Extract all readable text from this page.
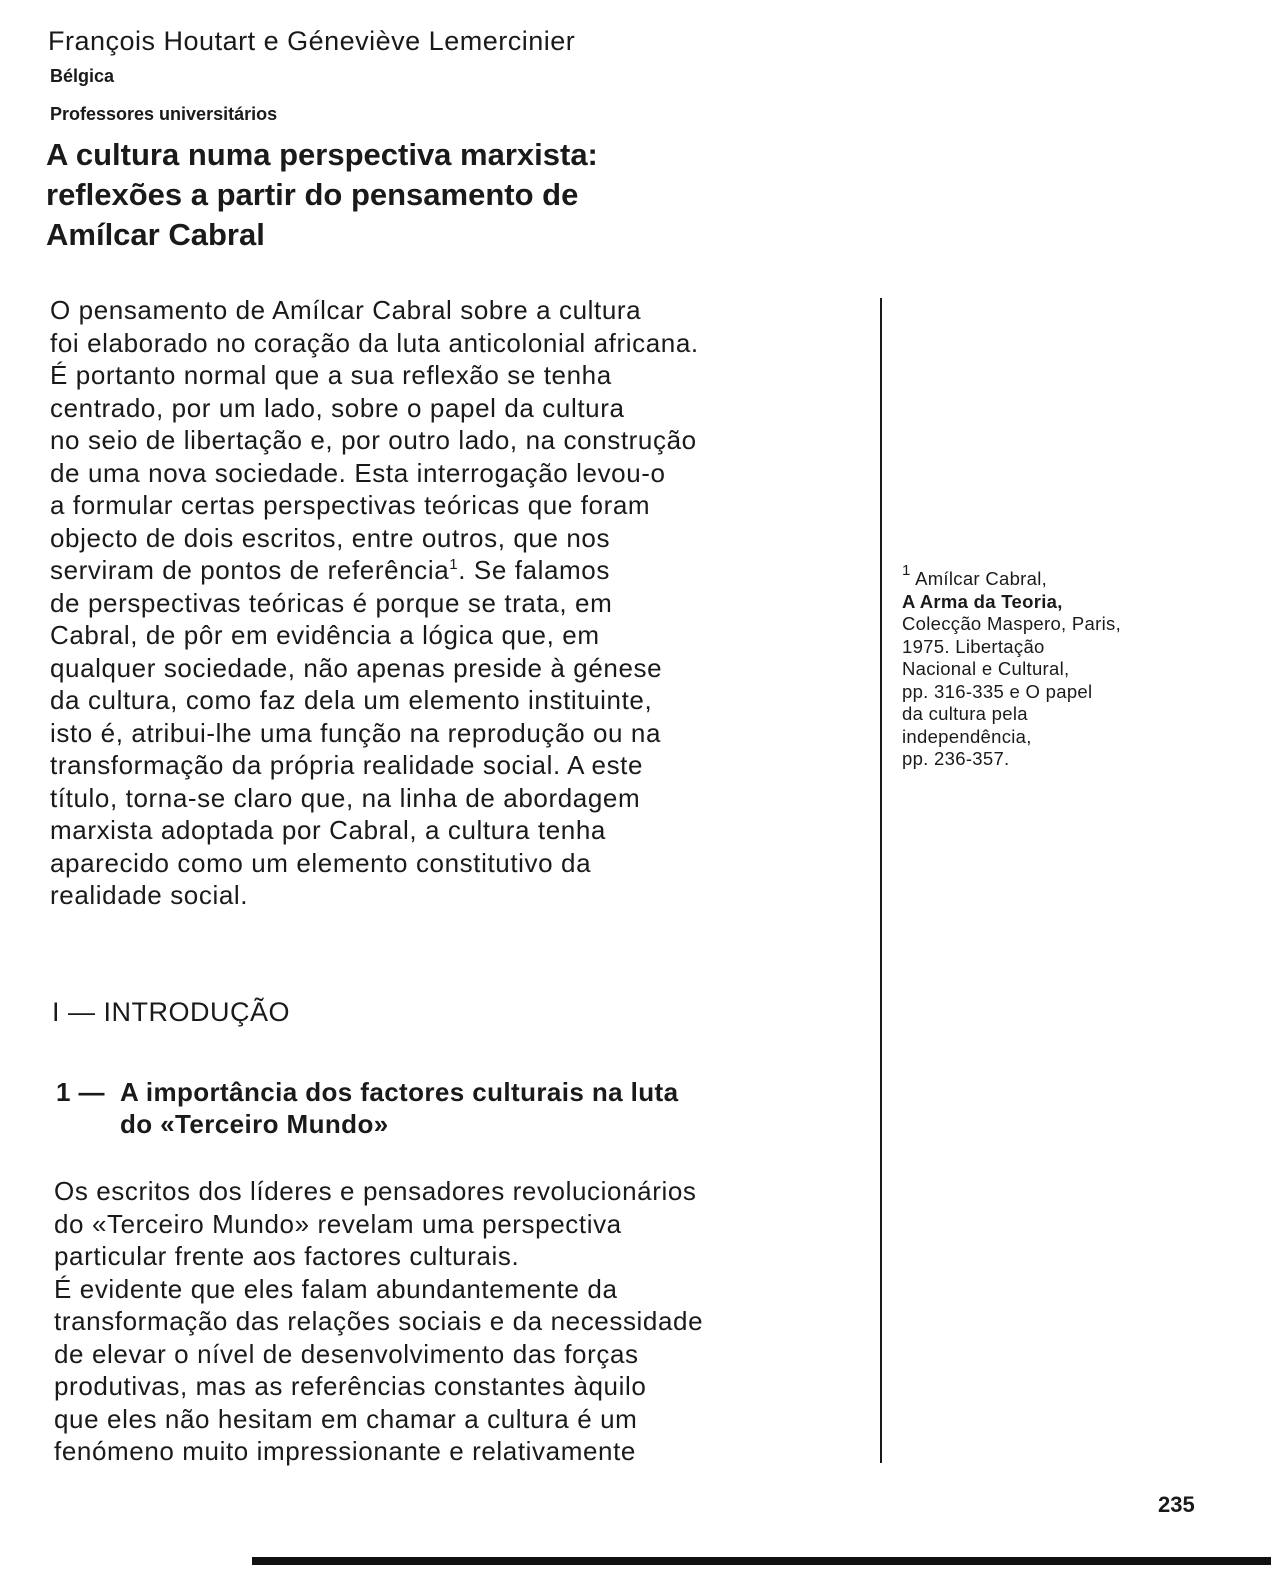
François Houtart e Géneviève Lemercinier
Bélgica
Professores universitários
A cultura numa perspectiva marxista:
reflexões a partir do pensamento de
Amílcar Cabral
O pensamento de Amílcar Cabral sobre a cultura
foi elaborado no coração da luta anticolonial africana.
É portanto normal que a sua reflexão se tenha
centrado, por um lado, sobre o papel da cultura
no seio de libertação e, por outro lado, na construção
de uma nova sociedade. Esta interrogação levou-o
a formular certas perspectivas teóricas que foram
objecto de dois escritos, entre outros, que nos
serviram de pontos de referência$^1$. Se falamos
de perspectivas teóricas é porque se trata, em
Cabral, de pôr em evidência a lógica que, em
qualquer sociedade, não apenas preside à génese
da cultura, como faz dela um elemento instituinte,
isto é, atribui-lhe uma função na reprodução ou na
transformação da própria realidade social. A este
título, torna-se claro que, na linha de abordagem
marxista adoptada por Cabral, a cultura tenha
aparecido como um elemento constitutivo da
realidade social.
I — INTRODUÇÃO
1 — A importância dos factores culturais na luta
do «Terceiro Mundo»
Os escritos dos líderes e pensadores revolucionários
do «Terceiro Mundo» revelam uma perspectiva
particular frente aos factores culturais.
É evidente que eles falam abundantemente da
transformação das relações sociais e da necessidade
de elevar o nível de desenvolvimento das forças
produtivas, mas as referências constantes àquilo
que eles não hesitam em chamar a cultura é um
fenómeno muito impressionante e relativamente
$^1$ Amílcar Cabral,
A Arma da Teoria,
Colecção Maspero, Paris,
1975. Libertação
Nacional e Cultural,
pp. 316-335 e O papel
da cultura pela
independência,
pp. 236-357.
235
